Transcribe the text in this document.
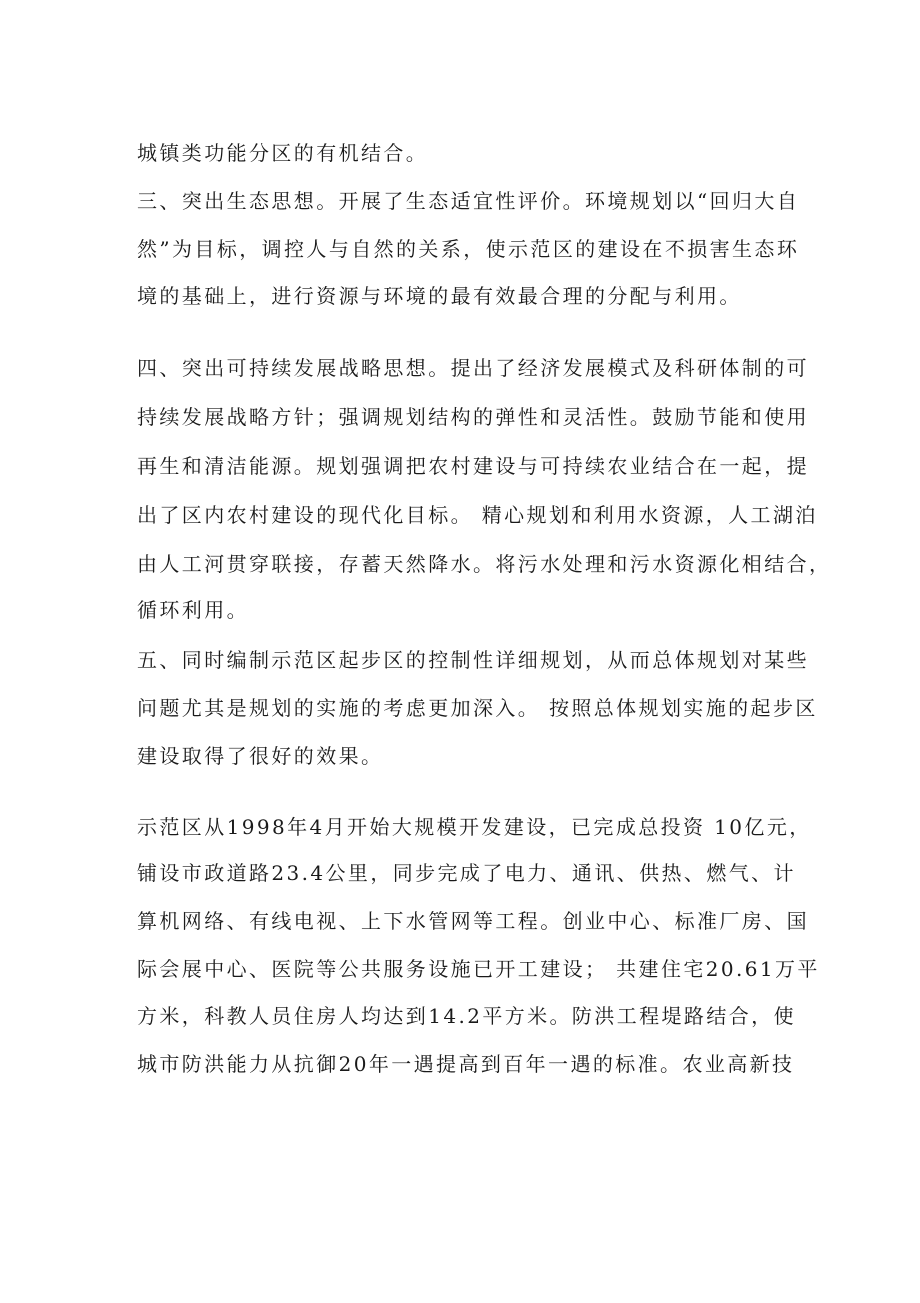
城镇类功能分区的有机结合。
三、突出生态思想。开展了生态适宜性评价。环境规划以“回归大自
然”为目标，调控人与自然的关系，使示范区的建设在不损害生态环
境的基础上，进行资源与环境的最有效最合理的分配与利用。
四、突出可持续发展战略思想。提出了经济发展模式及科研体制的可
持续发展战略方针；强调规划结构的弹性和灵活性。鼓励节能和使用
再生和清洁能源。规划强调把农村建设与可持续农业结合在一起，提
出了区内农村建设的现代化目标。 精心规划和利用水资源，人工湖泊
由人工河贯穿联接，存蓄天然降水。将污水处理和污水资源化相结合，
循环利用。
五、同时编制示范区起步区的控制性详细规划，从而总体规划对某些
问题尤其是规划的实施的考虑更加深入。 按照总体规划实施的起步区
建设取得了很好的效果。
示范区从1998年4月开始大规模开发建设，已完成总投资 10亿元，
铺设市政道路23.4公里，同步完成了电力、通讯、供热、燃气、计
算机网络、有线电视、上下水管网等工程。创业中心、标准厂房、国
际会展中心、医院等公共服务设施已开工建设； 共建住宅20.61万平
方米，科教人员住房人均达到14.2平方米。防洪工程堤路结合，使
城市防洪能力从抗御20年一遇提高到百年一遇的标准。农业高新技
